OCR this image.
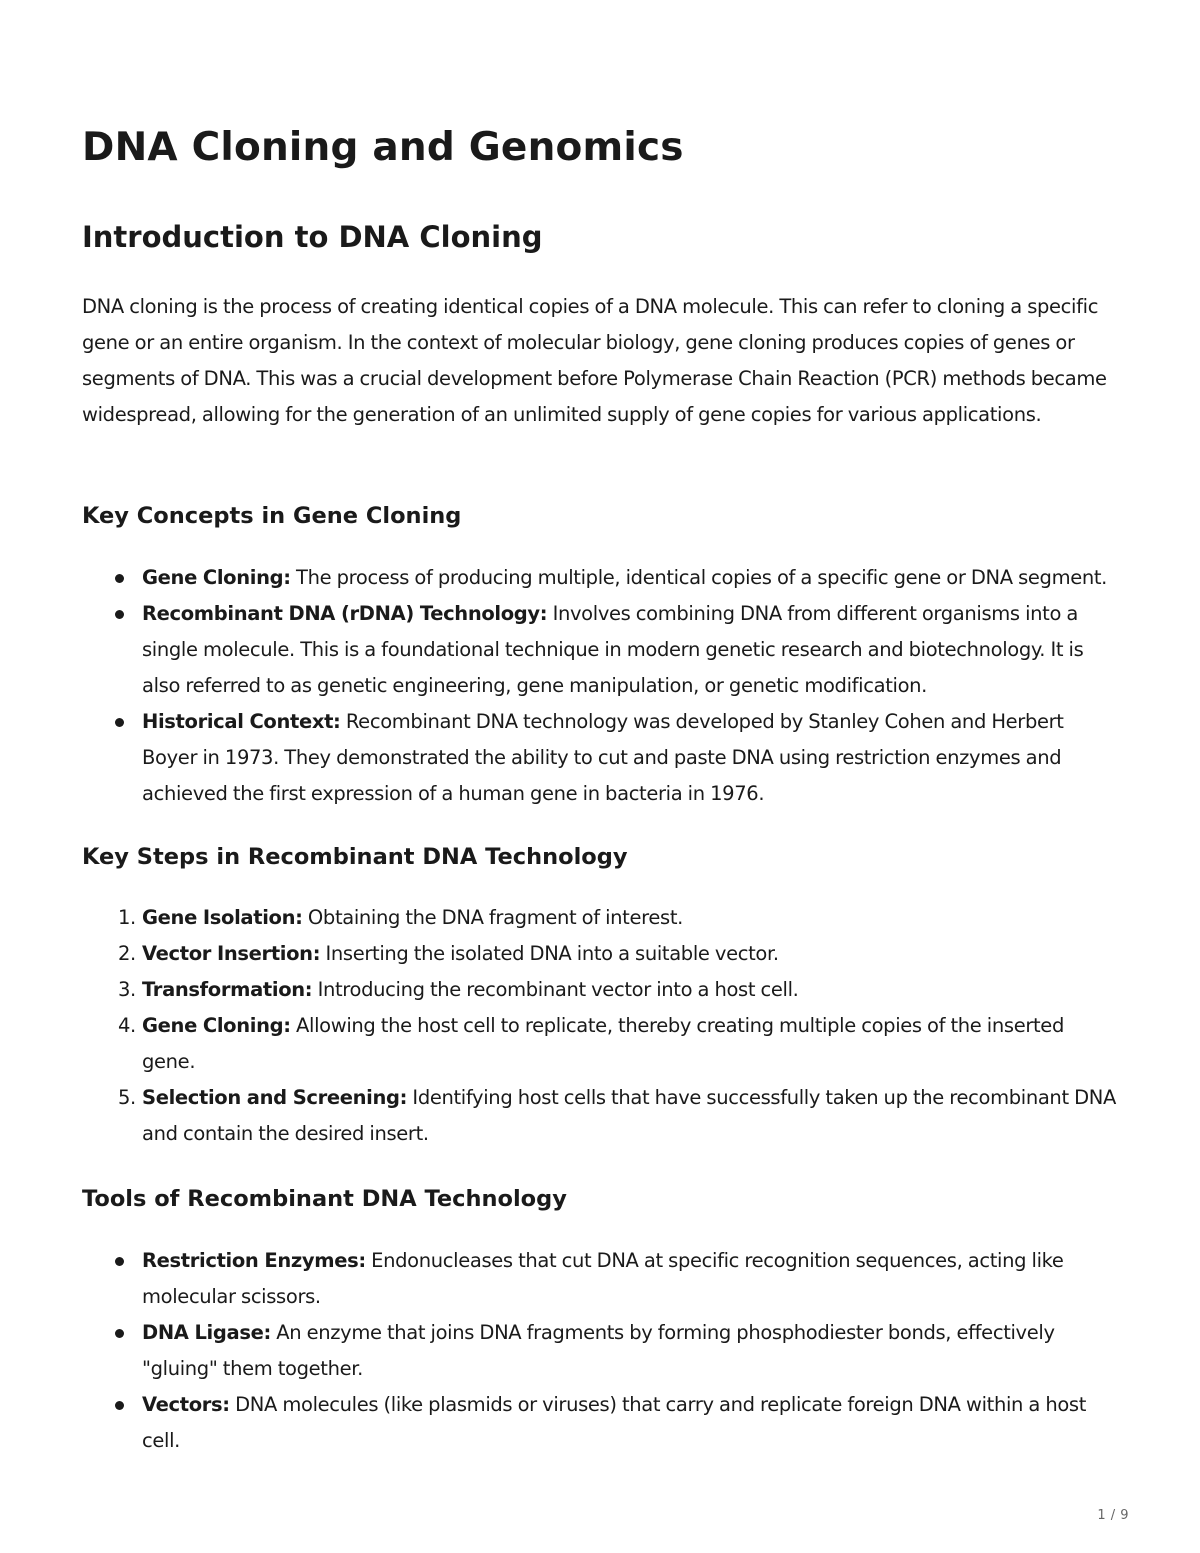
DNA Cloning and Genomics
Introduction to DNA Cloning

DNA cloning is the process of creating identical copies of a DNA molecule. This can refer to cloning a specific gene or an entire organism. In the context of molecular biology, gene cloning produces copies of genes or segments of DNA. This was a crucial development before Polymerase Chain Reaction (PCR) methods became widespread, allowing for the generation of an unlimited supply of gene copies for various applications.

Key Concepts in Gene Cloning
Gene Cloning: The process of producing multiple, identical copies of a specific gene or DNA segment.
Recombinant DNA (rDNA) Technology: Involves combining DNA from different organisms into a single molecule. This is a foundational technique in modern genetic research and biotechnology. It is also referred to as genetic engineering, gene manipulation, or genetic modification.
Historical Context: Recombinant DNA technology was developed by Stanley Cohen and Herbert Boyer in 1973. They demonstrated the ability to cut and paste DNA using restriction enzymes and achieved the first expression of a human gene in bacteria in 1976.
Key Steps in Recombinant DNA Technology
1. Gene Isolation: Obtaining the DNA fragment of interest.
2. Vector Insertion: Inserting the isolated DNA into a suitable vector.
3. Transformation: Introducing the recombinant vector into a host cell.
4. Gene Cloning: Allowing the host cell to replicate, thereby creating multiple copies of the inserted gene.
5. Selection and Screening: Identifying host cells that have successfully taken up the recombinant DNA and contain the desired insert.
Tools of Recombinant DNA Technology
Restriction Enzymes: Endonucleases that cut DNA at specific recognition sequences, acting like molecular scissors.
DNA Ligase: An enzyme that joins DNA fragments by forming phosphodiester bonds, effectively "gluing" them together.
Vectors: DNA molecules (like plasmids or viruses) that carry and replicate foreign DNA within a host cell.
1 / 9
